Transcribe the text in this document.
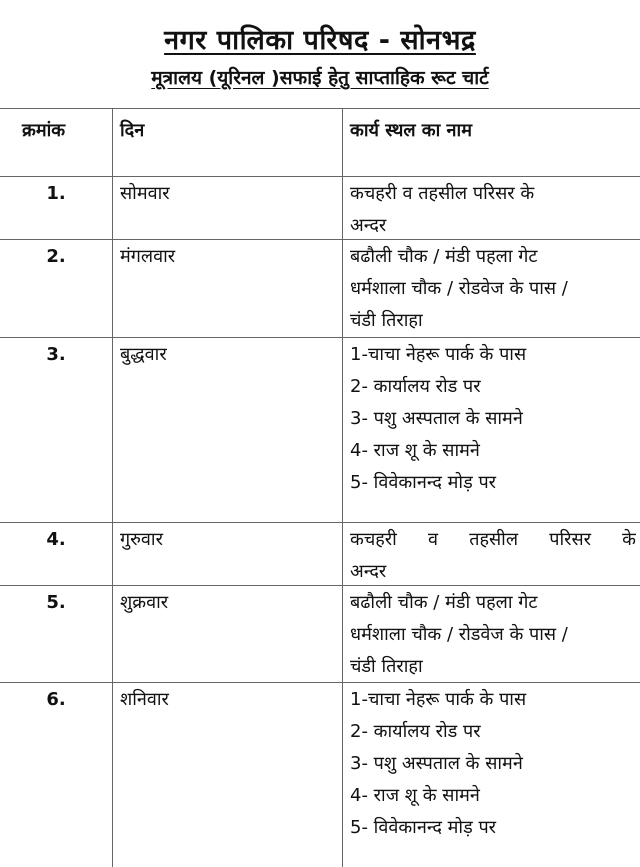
नगर पालिका परिषद - सोनभद्र
मूत्रालय (यूरिनल )सफाई हेतु साप्ताहिक रूट चार्ट
क्रमांक	दिन	कार्य स्थल का नाम
1.	सोमवार	कचहरी व तहसील परिसर के
अन्दर
2.	मंगलवार	बढौली चौक / मंडी पहला गेट
धर्मशाला चौक / रोडवेज के पास /
चंडी तिराहा
3.	बुद्धवार	1-चाचा नेहरू पार्क के पास
2- कार्यालय रोड पर
3- पशु अस्पताल के सामने
4- राज शू के सामने
5- विवेकानन्द मोड़ पर
4.	गुरुवार	कचहरी व तहसील परिसर के
अन्दर
5.	शुक्रवार	बढौली चौक / मंडी पहला गेट
धर्मशाला चौक / रोडवेज के पास /
चंडी तिराहा
6.	शनिवार	1-चाचा नेहरू पार्क के पास
2- कार्यालय रोड पर
3- पशु अस्पताल के सामने
4- राज शू के सामने
5- विवेकानन्द मोड़ पर
